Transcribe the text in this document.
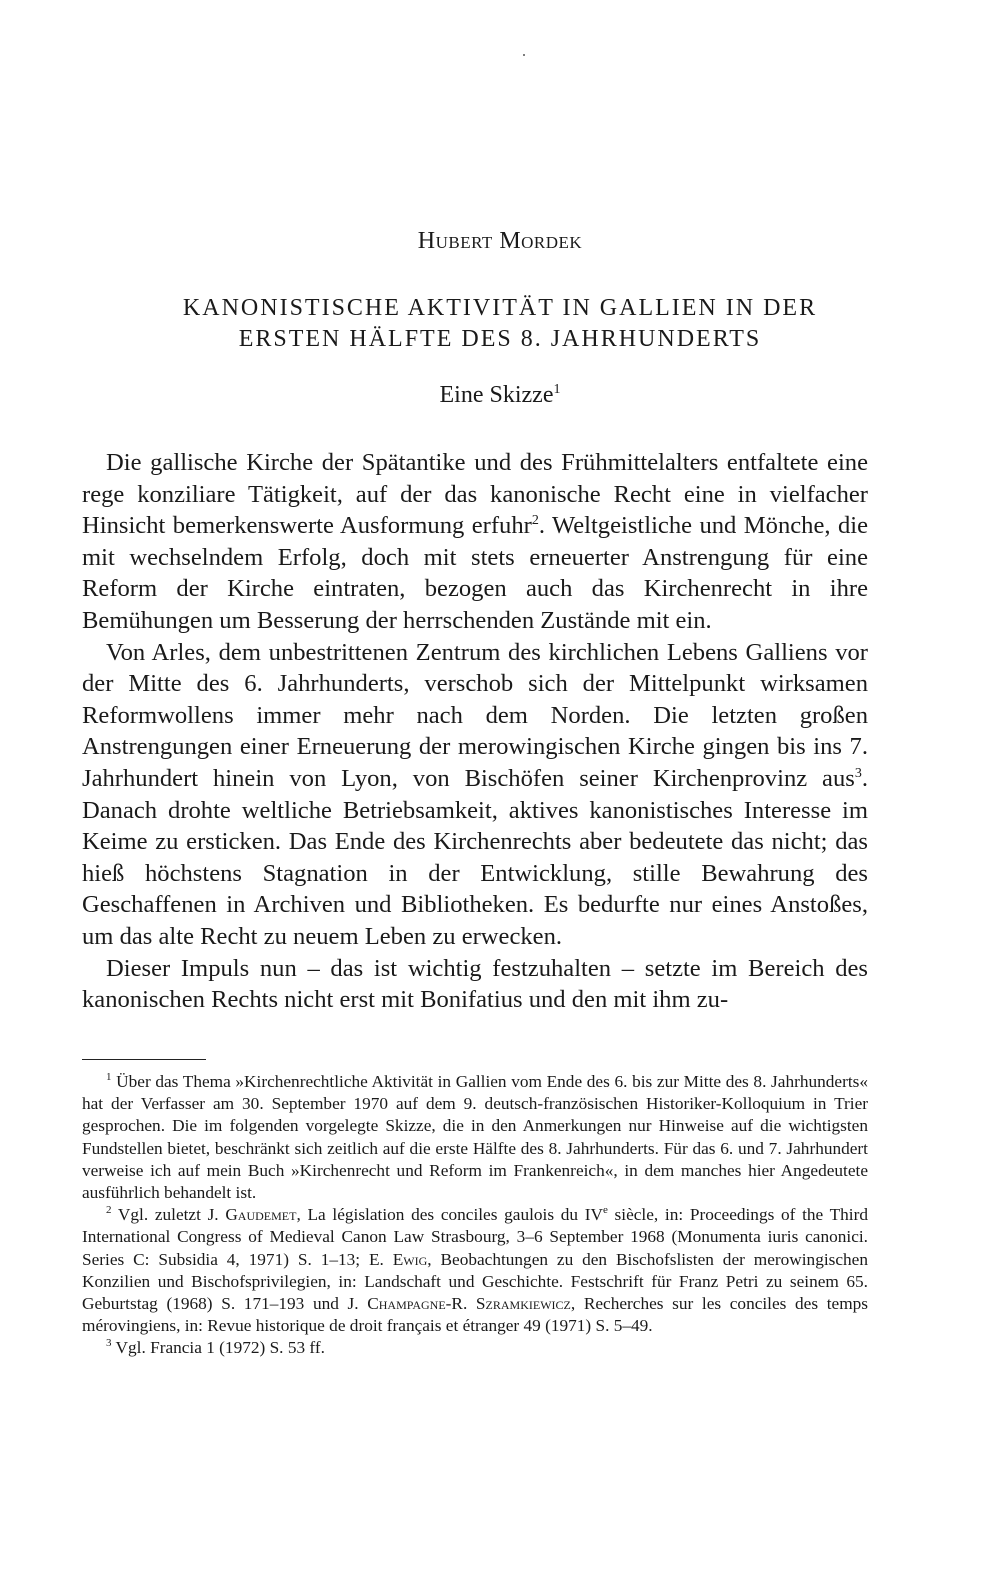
Hubert Mordek
KANONISTISCHE AKTIVITÄT IN GALLIEN IN DER
ERSTEN HÄLFTE DES 8. JAHRHUNDERTS
Eine Skizze$^1$

Die gallische Kirche der Spätantike und des Frühmittelalters entfaltete eine rege konziliare Tätigkeit, auf der das kanonische Recht eine in vielfacher Hinsicht bemerkenswerte Ausformung erfuhr$^2$. Weltgeistliche und Mönche, die mit wechselndem Erfolg, doch mit stets erneuerter Anstrengung für eine Reform der Kirche eintraten, bezogen auch das Kirchenrecht in ihre Bemühungen um Besserung der herrschenden Zustände mit ein.

Von Arles, dem unbestrittenen Zentrum des kirchlichen Lebens Galliens vor der Mitte des 6. Jahrhunderts, verschob sich der Mittelpunkt wirksamen Reformwollens immer mehr nach dem Norden. Die letzten großen Anstrengungen einer Erneuerung der merowingischen Kirche gingen bis ins 7. Jahrhundert hinein von Lyon, von Bischöfen seiner Kirchenprovinz aus$^3$. Danach drohte weltliche Betriebsamkeit, aktives kanonistisches Interesse im Keime zu ersticken. Das Ende des Kirchenrechts aber bedeutete das nicht; das hieß höchstens Stagnation in der Entwicklung, stille Bewahrung des Geschaffenen in Archiven und Bibliotheken. Es bedurfte nur eines Anstoßes, um das alte Recht zu neuem Leben zu erwecken.

Dieser Impuls nun – das ist wichtig festzuhalten – setzte im Bereich des kanonischen Rechts nicht erst mit Bonifatius und den mit ihm zu-

$^1$ Über das Thema »Kirchenrechtliche Aktivität in Gallien vom Ende des 6. bis zur Mitte des 8. Jahrhunderts« hat der Verfasser am 30. September 1970 auf dem 9. deutsch-französischen Historiker-Kolloquium in Trier gesprochen. Die im folgenden vorgelegte Skizze, die in den Anmerkungen nur Hinweise auf die wichtigsten Fundstellen bietet, beschränkt sich zeitlich auf die erste Hälfte des 8. Jahrhunderts. Für das 6. und 7. Jahrhundert verweise ich auf mein Buch »Kirchenrecht und Reform im Frankenreich«, in dem manches hier Angedeutete ausführlich behandelt ist.

$^2$ Vgl. zuletzt J. Gaudemet, La législation des conciles gaulois du IVe siècle, in: Proceedings of the Third International Congress of Medieval Canon Law Strasbourg, 3–6 September 1968 (Monumenta iuris canonici. Series C: Subsidia 4, 1971) S. 1–13; E. Ewig, Beobachtungen zu den Bischofslisten der merowingischen Konzilien und Bischofsprivilegien, in: Landschaft und Geschichte. Festschrift für Franz Petri zu seinem 65. Geburtstag (1968) S. 171–193 und J. Champagne-R. Szramkiewicz, Recherches sur les conciles des temps mérovingiens, in: Revue historique de droit français et étranger 49 (1971) S. 5–49.

$^3$ Vgl. Francia 1 (1972) S. 53 ff.
